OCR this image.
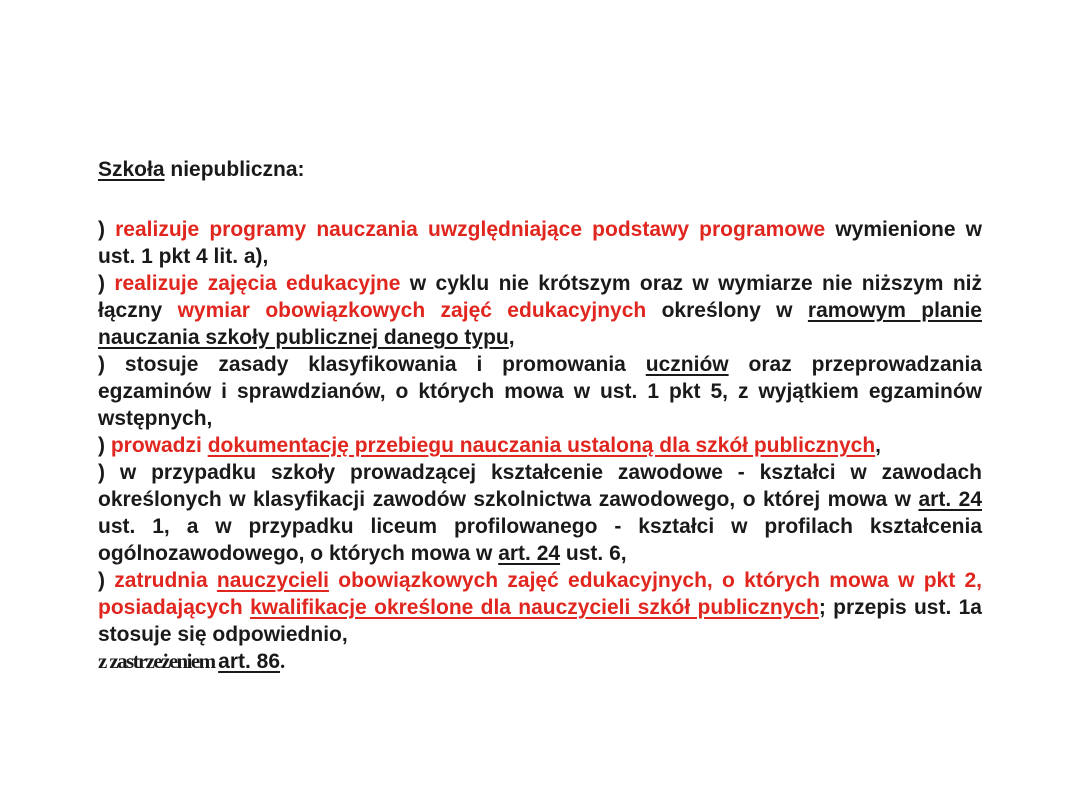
Szkoła niepubliczna:

) realizuje programy nauczania uwzględniające podstawy programowe wymienione w ust. 1 pkt 4 lit. a),

) realizuje zajęcia edukacyjne w cyklu nie krótszym oraz w wymiarze nie niższym niż łączny wymiar obowiązkowych zajęć edukacyjnych określony w ramowym planie nauczania szkoły publicznej danego typu,

) stosuje zasady klasyfikowania i promowania uczniów oraz przeprowadzania egzaminów i sprawdzianów, o których mowa w ust. 1 pkt 5, z wyjątkiem egzaminów wstępnych,

) prowadzi dokumentację przebiegu nauczania ustaloną dla szkół publicznych,

) w przypadku szkoły prowadzącej kształcenie zawodowe - kształci w zawodach określonych w klasyfikacji zawodów szkolnictwa zawodowego, o której mowa w art. 24 ust. 1, a w przypadku liceum profilowanego - kształci w profilach kształcenia ogólnozawodowego, o których mowa w art. 24 ust. 6,

) zatrudnia nauczycieli obowiązkowych zajęć edukacyjnych, o których mowa w pkt 2, posiadających kwalifikacje określone dla nauczycieli szkół publicznych; przepis ust. 1a stosuje się odpowiednio,

z zastrzeżeniem art. 86.
